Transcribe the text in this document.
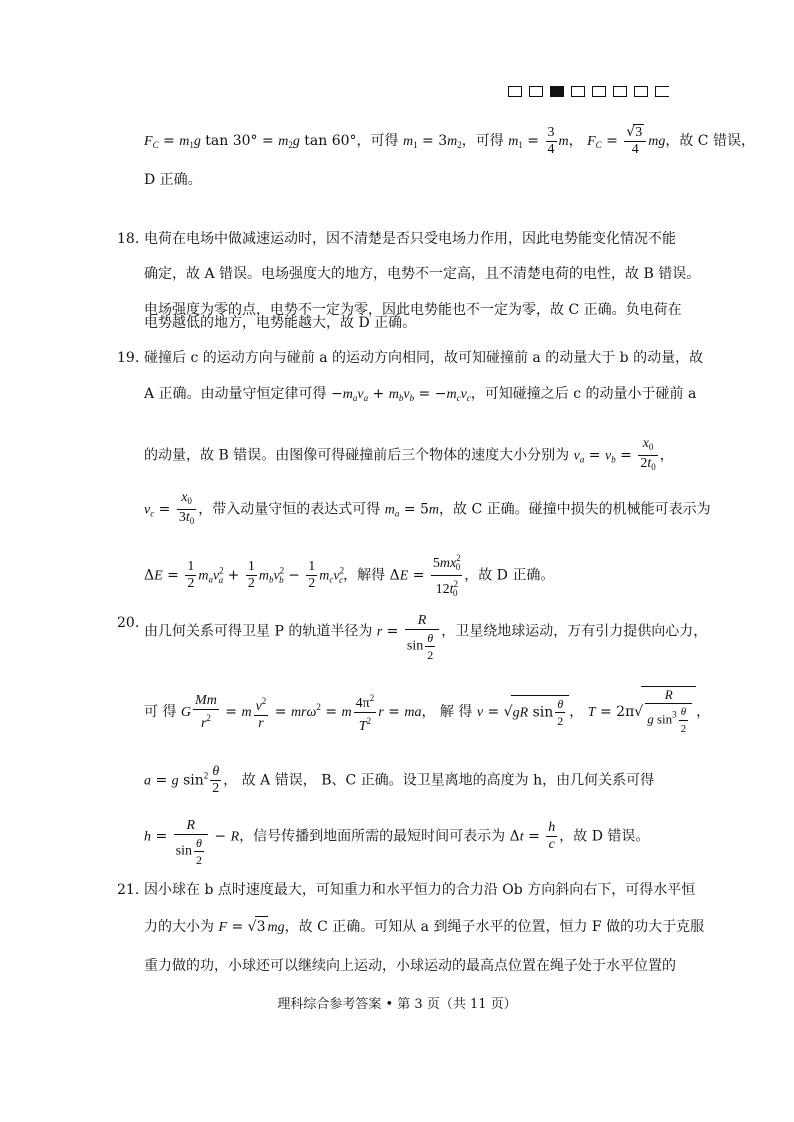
$F_C = m_1g$ $\tan 30^\circ = m_2g$ tan 60°，可得 $m_1 = 3m_2$，可得 $m_1 = \frac{3}{4}$ m， $F_C = \frac{√3}{4}$ mg，故 C 错误，
D 正确。
18. 电荷在电场中做减速运动时，因不清楚是否只受电场力作用，因此电势能变化情况不能
确定，故 A 错误。电场强度大的地方，电势不一定高，且不清楚电荷的电性，故 B 错误。
电场强度为零的点，电势不一定为零，因此电势能也不一定为零，故 C 正确。负电荷在
电势越低的地方，电势能越大，故 D 正确。
19. 碰撞后 c 的运动方向与碰前 a 的运动方向相同，故可知碰撞前 a 的动量大于 b 的动量，故
A 正确。由动量守恒定律可得 $-m_av_a + m_bv_b = -m_cv_c$，可知碰撞之后 c 的动量小于碰前 a
的动量，故 B 错误。由图像可得碰撞前后三个物体的速度大小分别为 $v_a = v_b = \frac{x_0}{2t_0}$ ，
$v_c = \frac{x_0}{3t_0}$ ，带入动量守恒的表达式可得 $m_a = 5m$，故 C 正确。碰撞中损失的机械能可表示为
$\Delta E = \frac{1}{2} m_av^2_a + \frac{1}{2} m_bv^2_b - \frac{1}{2} m_cv^2_c$，解得 $\Delta E = \frac{5mx^2_0}{12t^2_0}$ ，故 D 正确。
20.
由几何关系可得卫星 P 的轨道半径为 $r = \frac{R}{\sin \frac{\theta}{2}}$ ，卫星绕地球运动，万有引力提供向心力，
可 得 G $\frac{Mm}{r^2} = m \frac{v^2}{r} = mr\omega^2 = m \frac{4\pi^2}{T^2}$ r = ma， 解 得 v = √gR $\sin \frac{\theta}{2}$ ， $T = 2\pi√ \frac{R}{g \sin^3 \frac{\theta}{2}}$ ，
a = g $\sin^2 \frac{\theta}{2}$ ， 故 A 错误， B、C 正确。设卫星离地的高度为 h，由几何关系可得
$h = \frac{R}{\sin \frac{\theta}{2}} - R$，信号传播到地面所需的最短时间可表示为 $\Delta t = \frac{h}{c}$ ，故 D 错误。
21. 因小球在 b 点时速度最大，可知重力和水平恒力的合力沿 Ob 方向斜向右下，可得水平恒
力的大小为 F = √3 mg，故 C 正确。可知从 a 到绳子水平的位置，恒力 F 做的功大于克服
重力做的功，小球还可以继续向上运动，小球运动的最高点位置在绳子处于水平位置的
理科综合参考答案 • 第 3 页（共 11 页）
